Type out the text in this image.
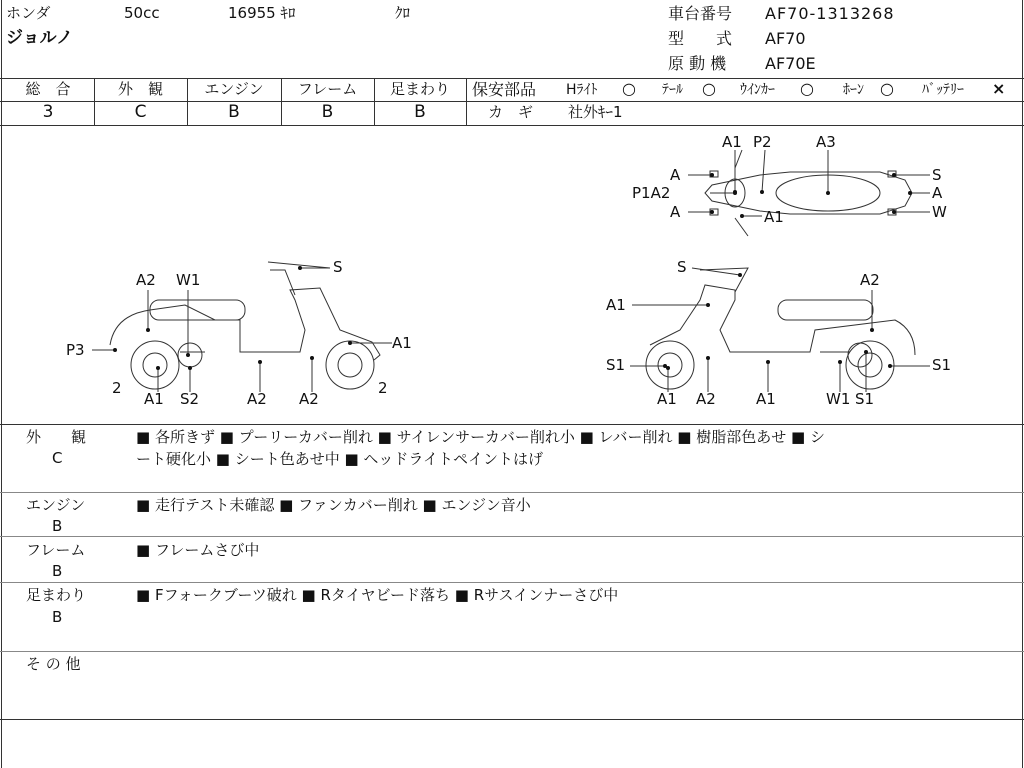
ホンダ	50cc	16955 ｷﾛ	ｸﾛ
ジョルノ
車台番号 AF70-1313268
型　　式 AF70
原 動 機 AF70E
総　合	外　観	エンジン	フレーム	足まわり
3	C	B	B	B
保安部品 Hﾗｲﾄ ○ ﾃｰﾙ ○ ｳｲﾝｶｰ ○ ﾎｰﾝ ○ ﾊﾞｯﾃﾘｰ ×
カ　ギ 社外ｷｰ1
A1 P2	A3
A
P1A2
A	A1
S
A
W
A2 W1
S
P3	A1
2	2
A1 S2	A2 A2
S
A2
A1
S1	S1
A1 A2	A1	W1 S1
外　　観
C
■ 各所きず ■ プーリーカバー削れ ■ サイレンサーカバー削れ小 ■ レバー削れ ■ 樹脂部色あせ ■ シ
ート硬化小 ■ シート色あせ中 ■ ヘッドライトペイントはげ
エンジン
B
■ 走行テスト未確認 ■ ファンカバー削れ ■ エンジン音小
フレーム
B
■ フレームさび中
足まわり
B
■ Fフォークブーツ破れ ■ Rタイヤビード落ち ■ Rサスインナーさび中
そ の 他
